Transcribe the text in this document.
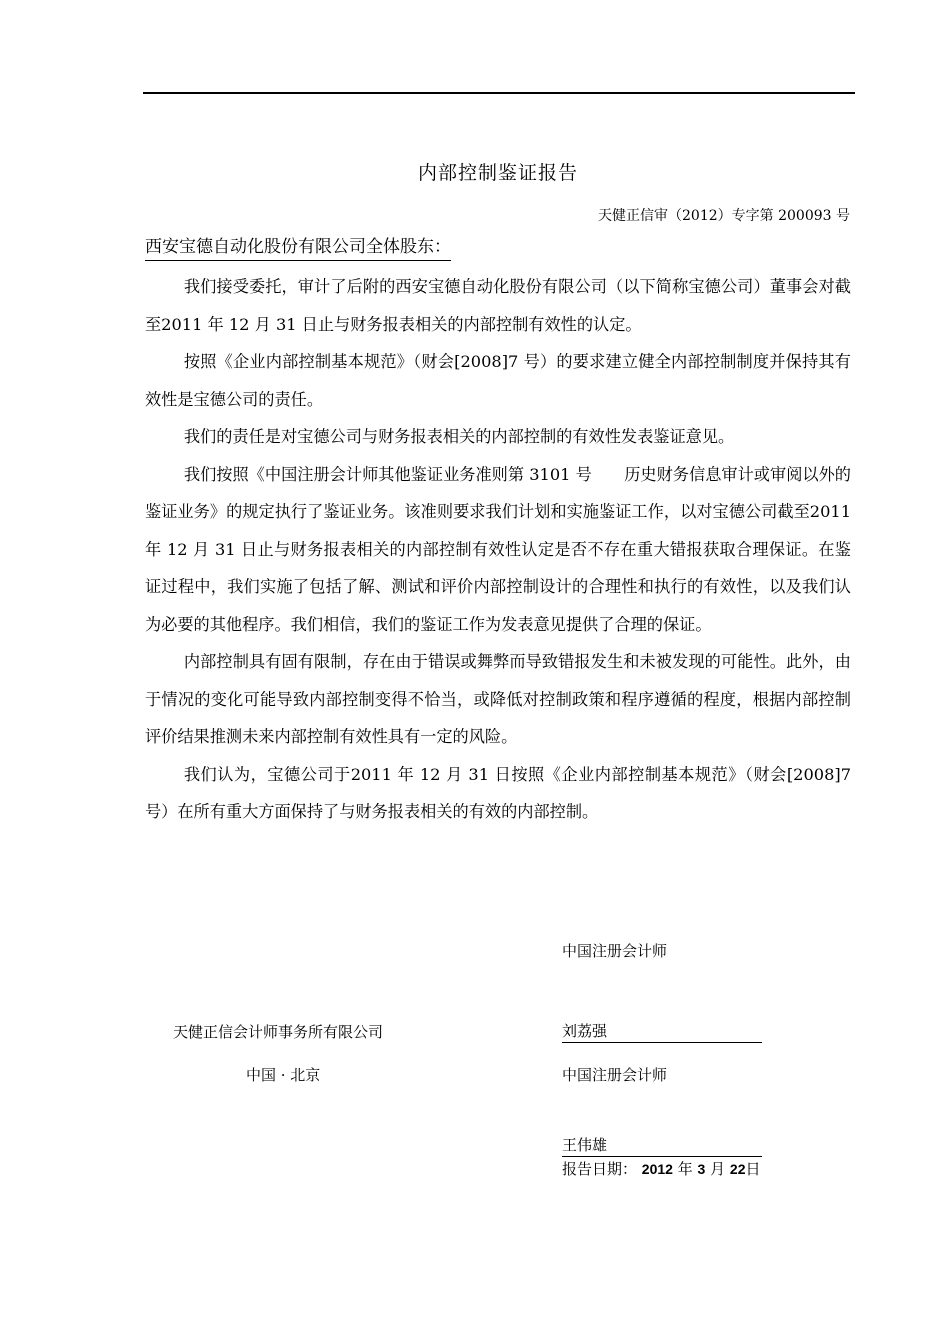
内部控制鉴证报告
天健正信审（2012）专字第 200093 号
西安宝德自动化股份有限公司全体股东：

我们接受委托，审计了后附的西安宝德自动化股份有限公司（以下简称宝德公司）董事会对截至2011 年 12 月 31 日止与财务报表相关的内部控制有效性的认定。

按照《企业内部控制基本规范》（财会[2008]7 号）的要求建立健全内部控制制度并保持其有效性是宝德公司的责任。

我们的责任是对宝德公司与财务报表相关的内部控制的有效性发表鉴证意见。

我们按照《中国注册会计师其他鉴证业务准则第 3101 号　　历史财务信息审计或审阅以外的鉴证业务》的规定执行了鉴证业务。该准则要求我们计划和实施鉴证工作，以对宝德公司截至2011 年 12 月 31 日止与财务报表相关的内部控制有效性认定是否不存在重大错报获取合理保证。在鉴证过程中，我们实施了包括了解、测试和评价内部控制设计的合理性和执行的有效性，以及我们认为必要的其他程序。我们相信，我们的鉴证工作为发表意见提供了合理的保证。

内部控制具有固有限制，存在由于错误或舞弊而导致错报发生和未被发现的可能性。此外，由于情况的变化可能导致内部控制变得不恰当，或降低对控制政策和程序遵循的程度，根据内部控制评价结果推测未来内部控制有效性具有一定的风险。

我们认为，宝德公司于2011 年 12 月 31 日按照《企业内部控制基本规范》（财会[2008]7 号）在所有重大方面保持了与财务报表相关的有效的内部控制。

中国注册会计师
天健正信会计师事务所有限公司	刘荔强
中国 · 北京	中国注册会计师
王伟雄
报告日期： 2012 年 3 月 22日
